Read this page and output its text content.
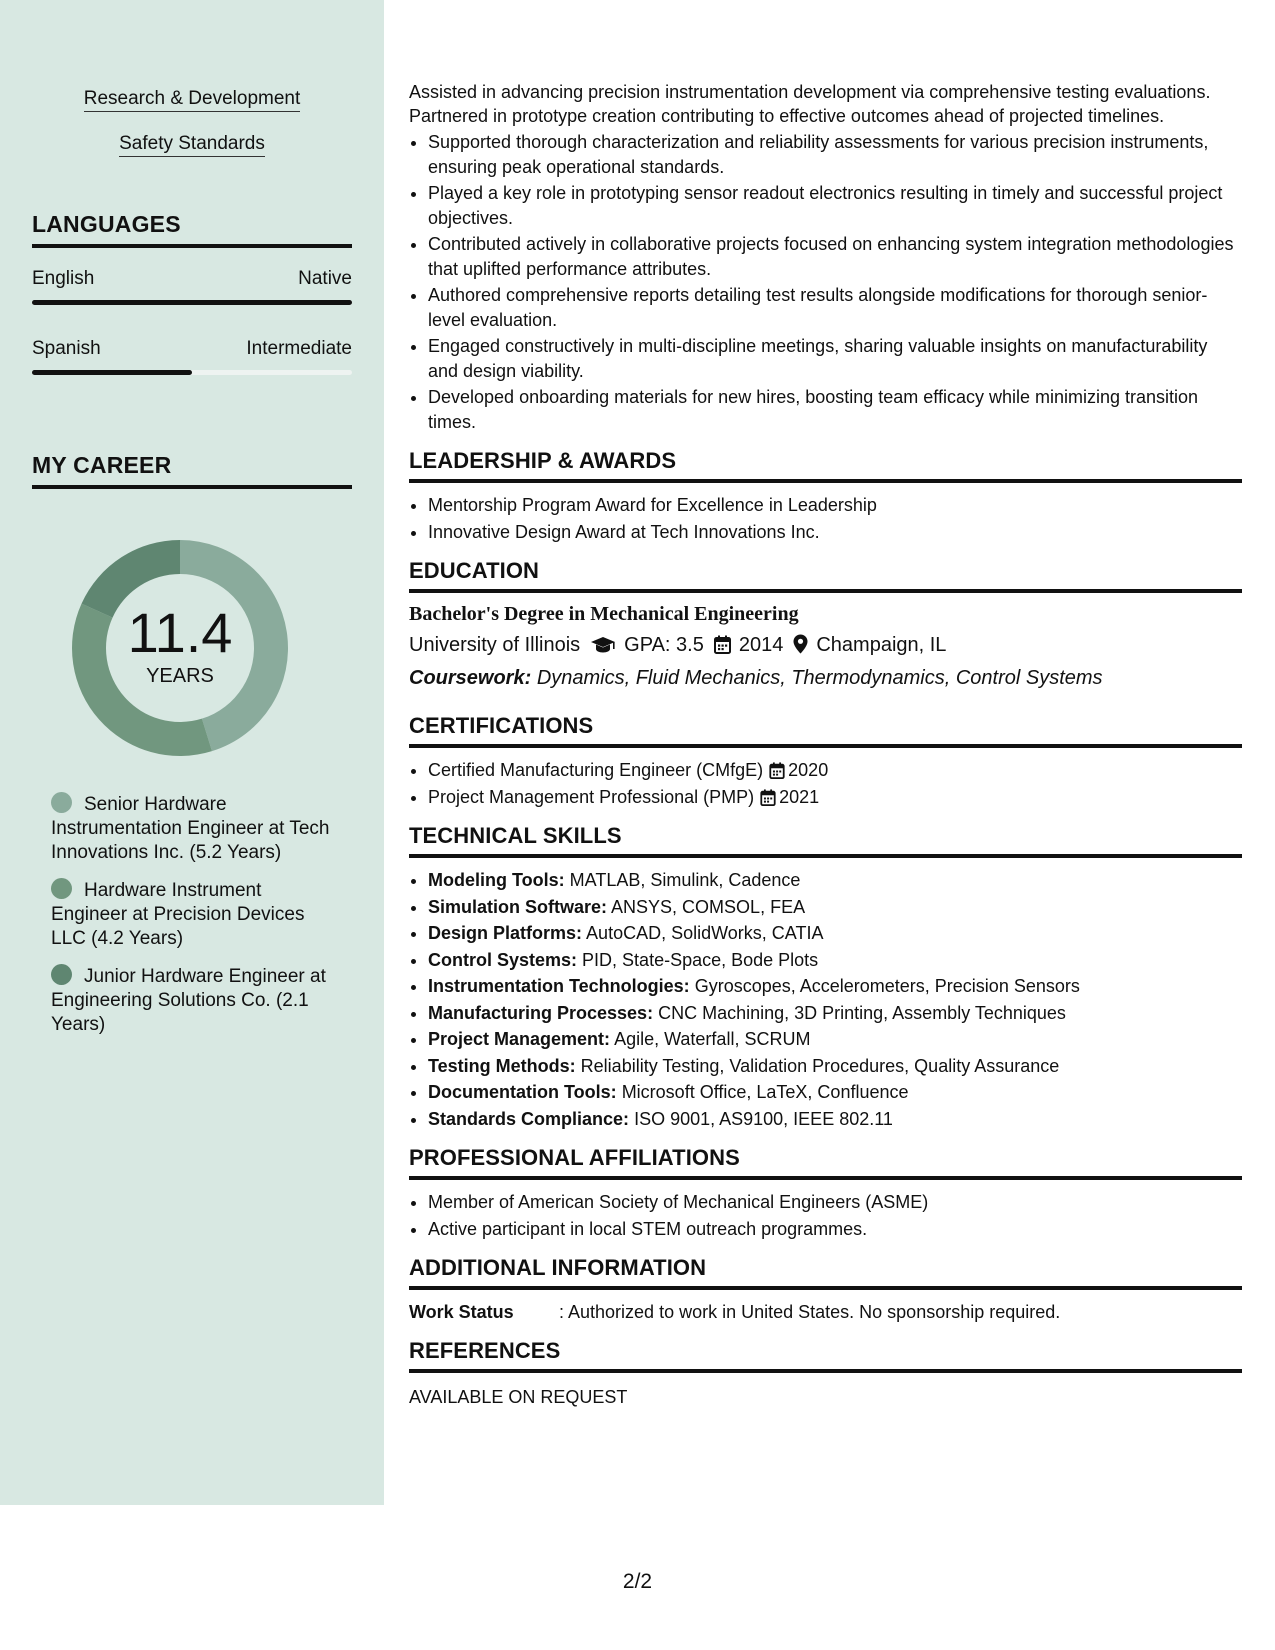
Research & Development
Safety Standards
LANGUAGES
English	Native
Spanish	Intermediate
MY CAREER
11.4
YEARS
Senior Hardware Instrumentation Engineer at Tech Innovations Inc. (5.2 Years)
Hardware Instrument Engineer at Precision Devices LLC (4.2 Years)
Junior Hardware Engineer at Engineering Solutions Co. (2.1 Years)

Assisted in advancing precision instrumentation development via comprehensive testing evaluations. Partnered in prototype creation contributing to effective outcomes ahead of projected timelines.

• Supported thorough characterization and reliability assessments for various precision instruments, ensuring peak operational standards.
• Played a key role in prototyping sensor readout electronics resulting in timely and successful project objectives.
• Contributed actively in collaborative projects focused on enhancing system integration methodologies that uplifted performance attributes.
• Authored comprehensive reports detailing test results alongside modifications for thorough senior-level evaluation.
• Engaged constructively in multi-discipline meetings, sharing valuable insights on manufacturability and design viability.
• Developed onboarding materials for new hires, boosting team efficacy while minimizing transition times.
LEADERSHIP & AWARDS
• Mentorship Program Award for Excellence in Leadership
• Innovative Design Award at Tech Innovations Inc.
EDUCATION
Bachelor's Degree in Mechanical Engineering
University of Illinois GPA: 3.5 2014 Champaign, IL
Coursework: Dynamics, Fluid Mechanics, Thermodynamics, Control Systems
CERTIFICATIONS
• Certified Manufacturing Engineer (CMfgE) 2020
• Project Management Professional (PMP) 2021
TECHNICAL SKILLS
• Modeling Tools: MATLAB, Simulink, Cadence
• Simulation Software: ANSYS, COMSOL, FEA
• Design Platforms: AutoCAD, SolidWorks, CATIA
• Control Systems: PID, State-Space, Bode Plots
• Instrumentation Technologies: Gyroscopes, Accelerometers, Precision Sensors
• Manufacturing Processes: CNC Machining, 3D Printing, Assembly Techniques
• Project Management: Agile, Waterfall, SCRUM
• Testing Methods: Reliability Testing, Validation Procedures, Quality Assurance
• Documentation Tools: Microsoft Office, LaTeX, Confluence
• Standards Compliance: ISO 9001, AS9100, IEEE 802.11
PROFESSIONAL AFFILIATIONS
• Member of American Society of Mechanical Engineers (ASME)
• Active participant in local STEM outreach programmes.
ADDITIONAL INFORMATION
Work Status	: Authorized to work in United States. No sponsorship required.
REFERENCES
AVAILABLE ON REQUEST
2/2
